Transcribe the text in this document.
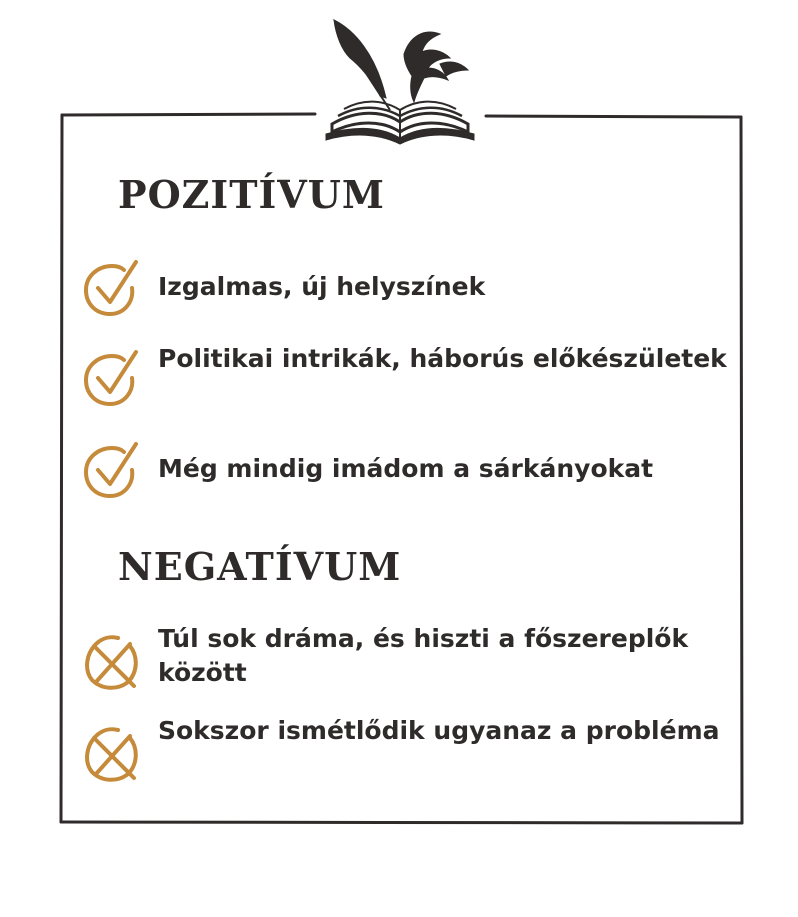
POZITÍVUM
Izgalmas, új helyszínek
Politikai intrikák, háborús előkészületek
Még mindig imádom a sárkányokat
NEGATÍVUM
Túl sok dráma, és hiszti a főszereplők között
Sokszor ismétlődik ugyanaz a probléma
